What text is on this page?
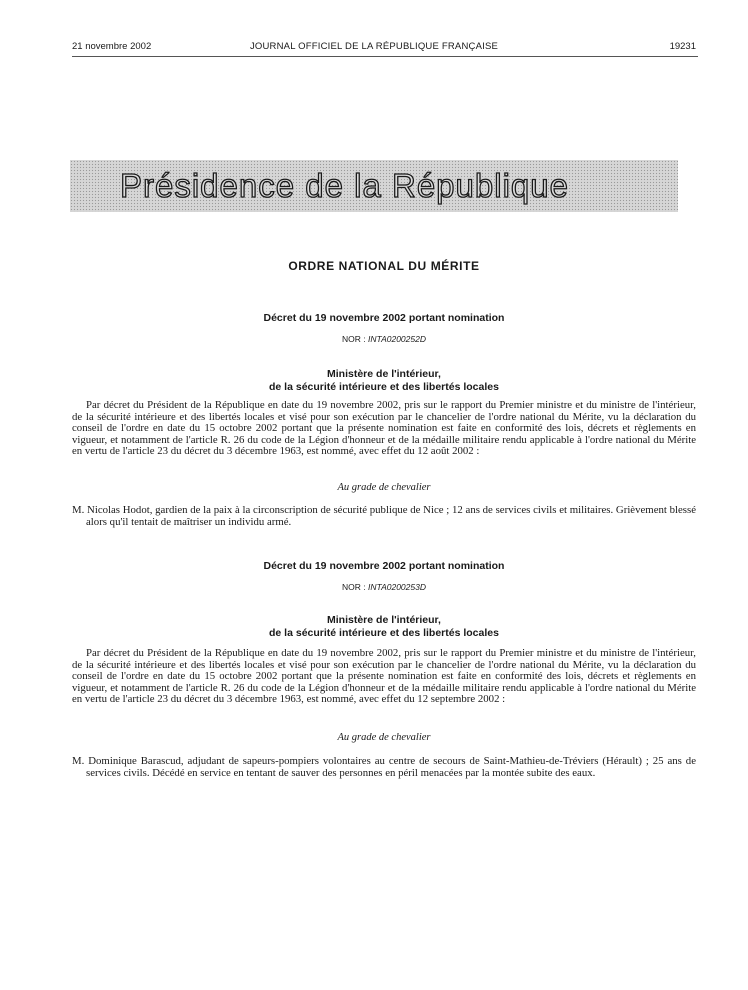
21 novembre 2002	JOURNAL OFFICIEL DE LA RÉPUBLIQUE FRANÇAISE	19231
Présidence de la République
ORDRE NATIONAL DU MÉRITE
Décret du 19 novembre 2002 portant nomination
NOR : INTA0200252D
Ministère de l'intérieur,
de la sécurité intérieure et des libertés locales

Par décret du Président de la République en date du 19 novembre 2002, pris sur le rapport du Premier ministre et du ministre de l'intérieur, de la sécurité intérieure et des libertés locales et visé pour son exécution par le chancelier de l'ordre national du Mérite, vu la déclaration du conseil de l'ordre en date du 15 octobre 2002 portant que la présente nomination est faite en conformité des lois, décrets et règlements en vigueur, et notamment de l'article R. 26 du code de la Légion d'honneur et de la médaille militaire rendu applicable à l'ordre national du Mérite en vertu de l'article 23 du décret du 3 décembre 1963, est nommé, avec effet du 12 août 2002 :

Au grade de chevalier

M. Nicolas Hodot, gardien de la paix à la circonscription de sécurité publique de Nice ; 12 ans de services civils et militaires. Grièvement blessé alors qu'il tentait de maîtriser un individu armé.

Décret du 19 novembre 2002 portant nomination
NOR : INTA0200253D
Ministère de l'intérieur,
de la sécurité intérieure et des libertés locales

Par décret du Président de la République en date du 19 novembre 2002, pris sur le rapport du Premier ministre et du ministre de l'intérieur, de la sécurité intérieure et des libertés locales et visé pour son exécution par le chancelier de l'ordre national du Mérite, vu la déclaration du conseil de l'ordre en date du 15 octobre 2002 portant que la présente nomination est faite en conformité des lois, décrets et règlements en vigueur, et notamment de l'article R. 26 du code de la Légion d'honneur et de la médaille militaire rendu applicable à l'ordre national du Mérite en vertu de l'article 23 du décret du 3 décembre 1963, est nommé, avec effet du 12 septembre 2002 :

Au grade de chevalier

M. Dominique Barascud, adjudant de sapeurs-pompiers volontaires au centre de secours de Saint-Mathieu-de-Tréviers (Hérault) ; 25 ans de services civils. Décédé en service en tentant de sauver des personnes en péril menacées par la montée subite des eaux.
